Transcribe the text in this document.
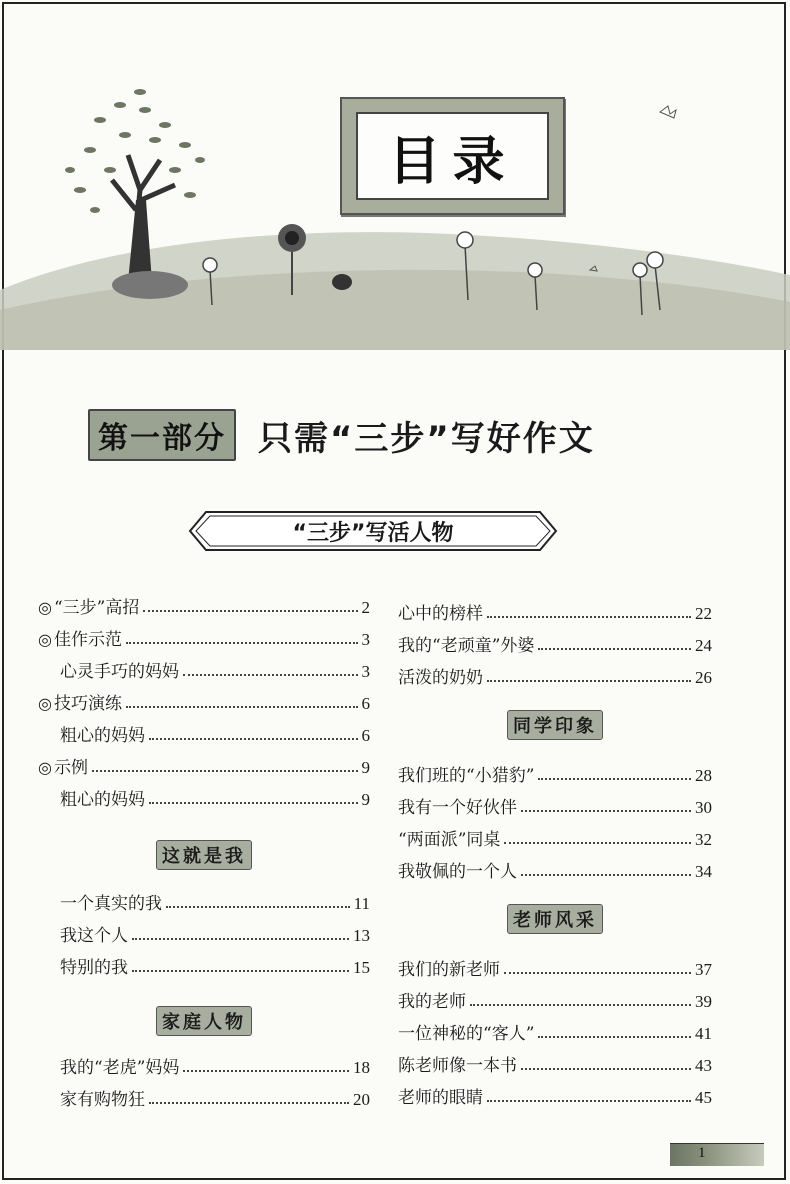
目录
第一部分 只需“三步”写好作文
“三步”写活人物
◎ “三步”高招	2
◎ 佳作示范	3
心灵手巧的妈妈	3
◎ 技巧演练	6
粗心的妈妈	6
◎ 示例	9
粗心的妈妈	9
这就是我
一个真实的我	11
我这个人	13
特别的我	15
家庭人物
我的“老虎”妈妈	18
家有购物狂	20
心中的榜样	22
我的“老顽童”外婆	24
活泼的奶奶	26
同学印象
我们班的“小猎豹”	28
我有一个好伙伴	30
“两面派”同桌	32
我敬佩的一个人	34
老师风采
我们的新老师	37
我的老师	39
一位神秘的“客人”	41
陈老师像一本书	43
老师的眼睛	45
1
